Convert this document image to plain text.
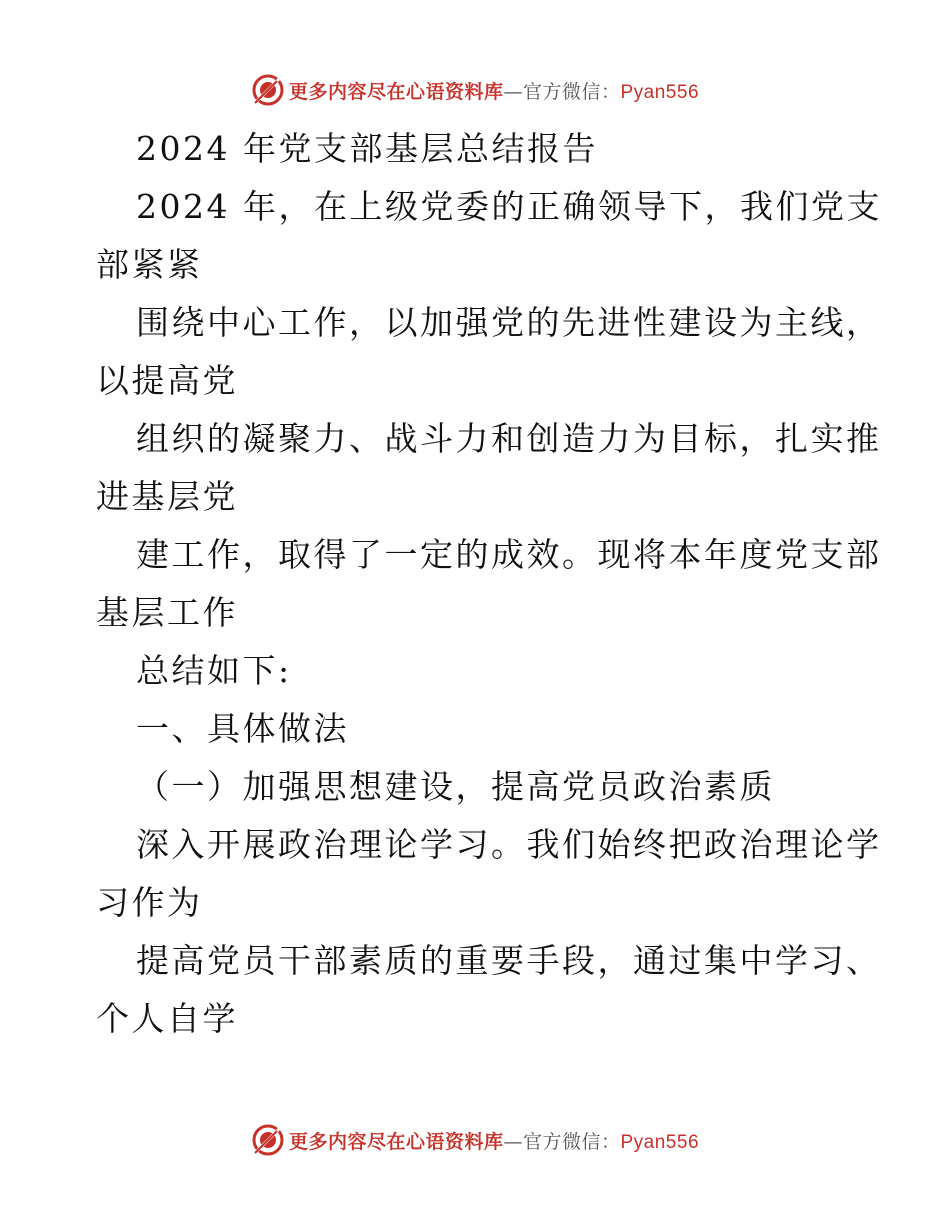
更多内容尽在心语资料库—官方微信：Pyan556
2024 年党支部基层总结报告
2024 年，在上级党委的正确领导下，我们党支
部紧紧
围绕中心工作，以加强党的先进性建设为主线，
以提高党
组织的凝聚力、战斗力和创造力为目标，扎实推
进基层党
建工作，取得了一定的成效。现将本年度党支部
基层工作
总结如下:
一、具体做法
（一）加强思想建设，提高党员政治素质
深入开展政治理论学习。我们始终把政治理论学
习作为
提高党员干部素质的重要手段，通过集中学习、
个人自学
更多内容尽在心语资料库—官方微信：Pyan556
